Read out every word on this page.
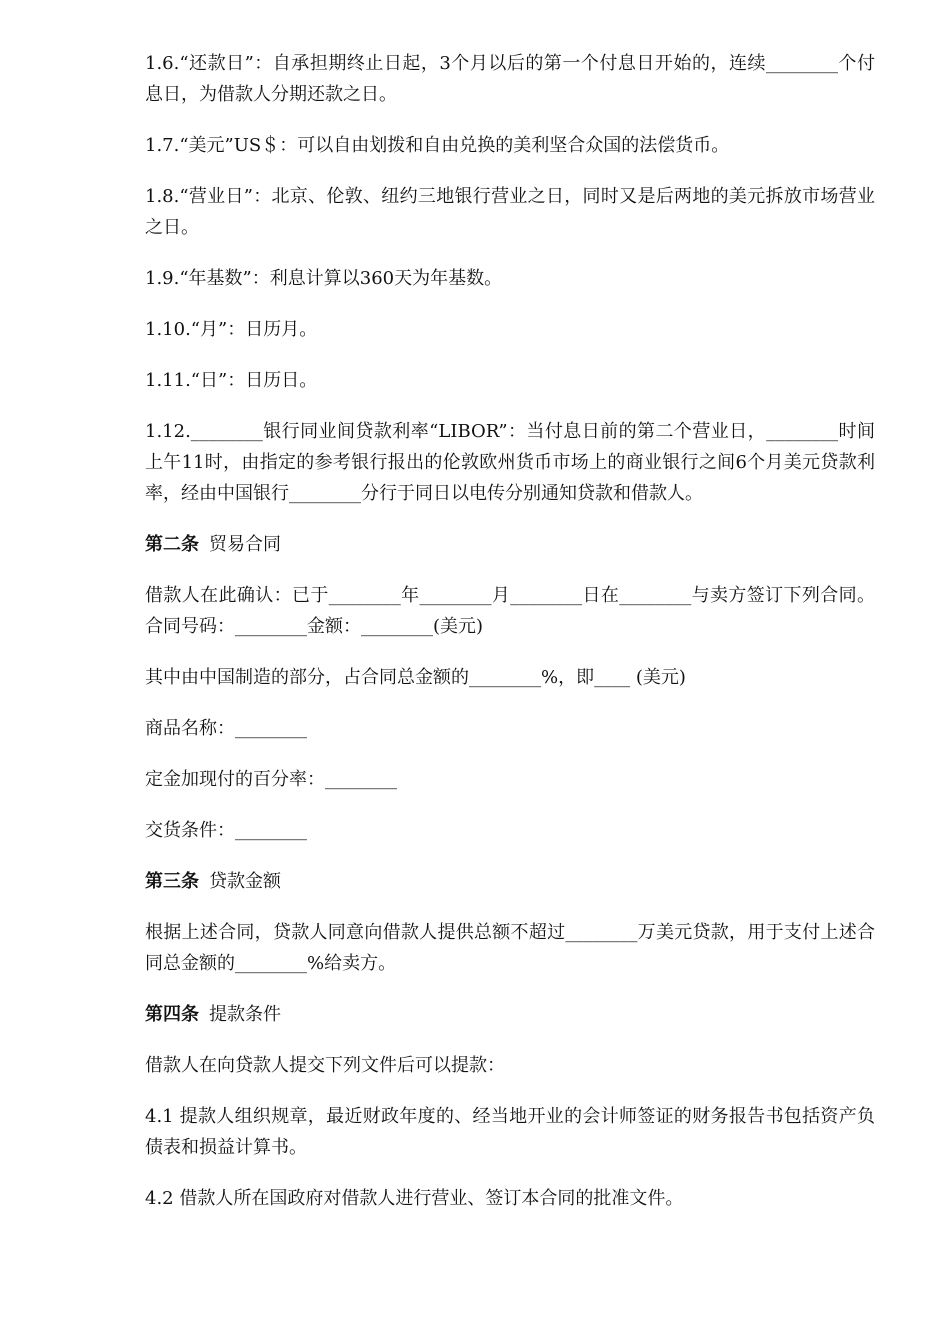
1.6.“还款日”：自承担期终止日起，3个月以后的第一个付息日开始的，连续________个付息日，为借款人分期还款之日。

1.7.“美元”US＄：可以自由划拨和自由兑换的美利坚合众国的法偿货币。

1.8.“营业日”：北京、伦敦、纽约三地银行营业之日，同时又是后两地的美元拆放市场营业之日。

1.9.“年基数”：利息计算以360天为年基数。

1.10.“月”：日历月。

1.11.“日”：日历日。

1.12.________银行同业间贷款利率“LIBOR”：当付息日前的第二个营业日，________时间上午11时，由指定的参考银行报出的伦敦欧州货币市场上的商业银行之间6个月美元贷款利率，经由中国银行________分行于同日以电传分别通知贷款和借款人。

第二条 贸易合同

借款人在此确认：已于________年________月________日在________与卖方签订下列合同。合同号码：________金额：________(美元)

其中由中国制造的部分，占合同总金额的________%，即____ (美元)

商品名称：________

定金加现付的百分率：________

交货条件：________

第三条 贷款金额

根据上述合同，贷款人同意向借款人提供总额不超过________万美元贷款，用于支付上述合同总金额的________%给卖方。

第四条 提款条件

借款人在向贷款人提交下列文件后可以提款：

4.1 提款人组织规章，最近财政年度的、经当地开业的会计师签证的财务报告书包括资产负债表和损益计算书。

4.2 借款人所在国政府对借款人进行营业、签订本合同的批准文件。
